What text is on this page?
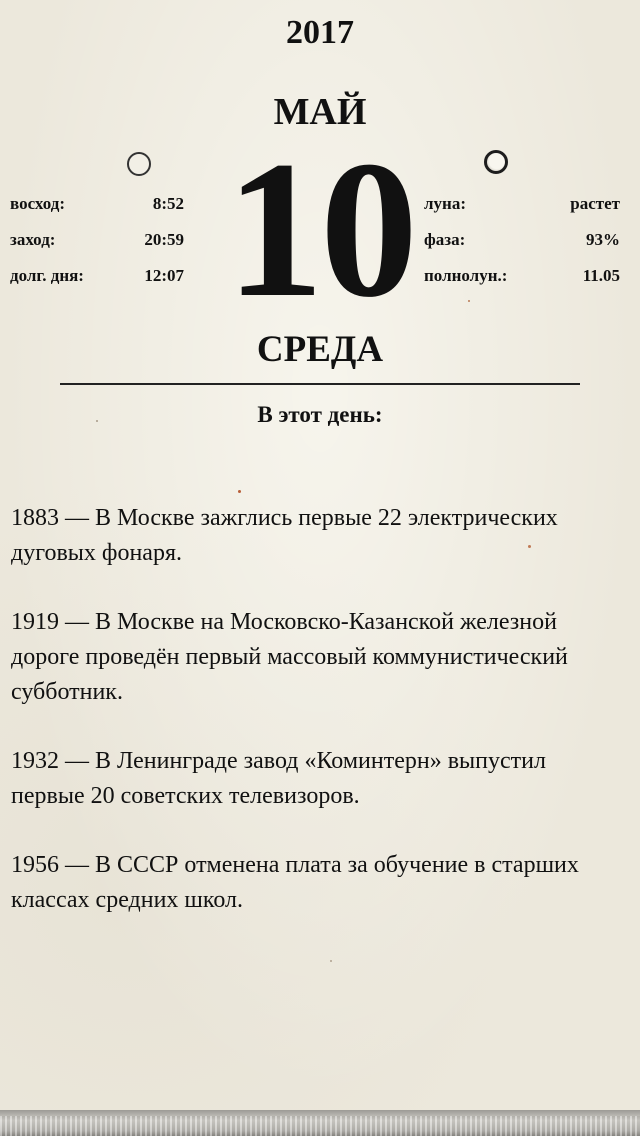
2017
МАЙ
10
СРЕДА
восход:	8:52
заход:	20:59
долг. дня:	12:07
луна:	растет
фаза:	93%
полнолун.:	11.05
В этот день:

1883 — В Москве зажглись первые 22 электрических дуговых фонаря.

1919 — В Москве на Московско-Казанской железной дороге проведён первый массовый коммунистический субботник.

1932 — В Ленинграде завод «Коминтерн» выпустил первые 20 советских телевизоров.

1956 — В СССР отменена плата за обучение в старших классах средних школ.
